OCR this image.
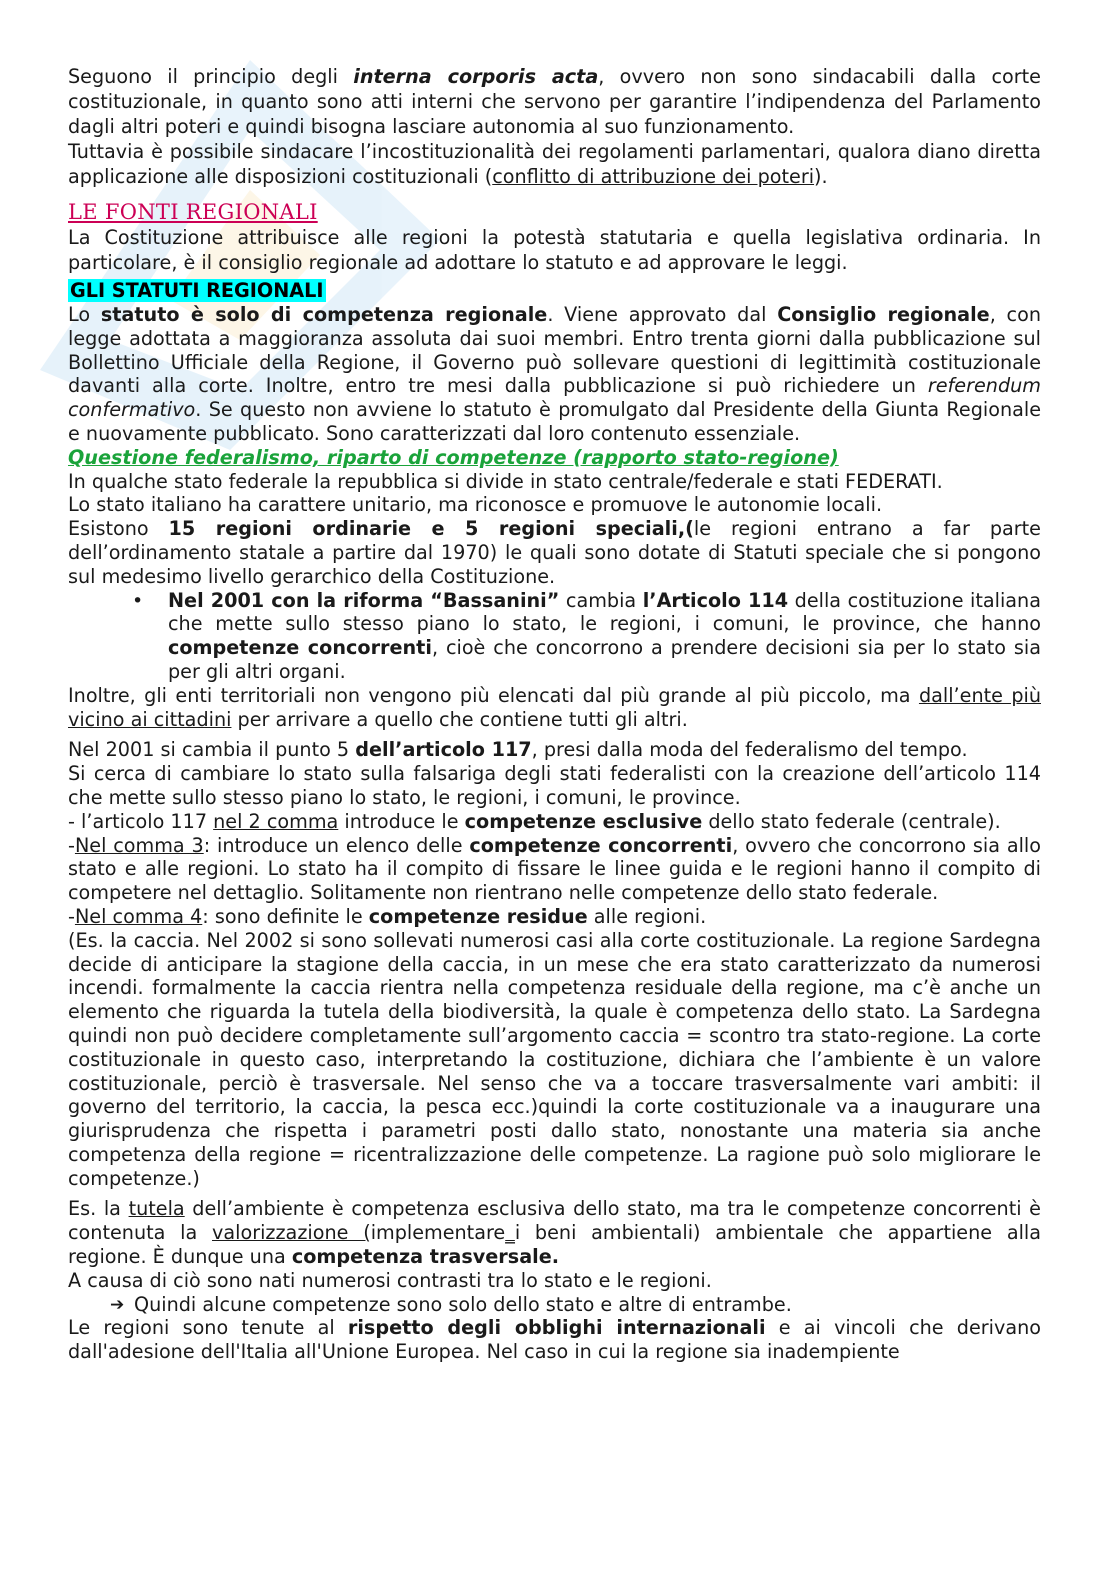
Seguono il principio degli interna corporis acta, ovvero non sono sindacabili dalla corte costituzionale, in quanto sono atti interni che servono per garantire l’indipendenza del Parlamento dagli altri poteri e quindi bisogna lasciare autonomia al suo funzionamento.

Tuttavia è possibile sindacare l’incostituzionalità dei regolamenti parlamentari, qualora diano diretta applicazione alle disposizioni costituzionali (conflitto di attribuzione dei poteri).

LE FONTI REGIONALI

La Costituzione attribuisce alle regioni la potestà statutaria e quella legislativa ordinaria. In particolare, è il consiglio regionale ad adottare lo statuto e ad approvare le leggi.

GLI STATUTI REGIONALI

Lo statuto è solo di competenza regionale. Viene approvato dal Consiglio regionale, con legge adottata a maggioranza assoluta dai suoi membri. Entro trenta giorni dalla pubblicazione sul Bollettino Ufficiale della Regione, il Governo può sollevare questioni di legittimità costituzionale davanti alla corte. Inoltre, entro tre mesi dalla pubblicazione si può richiedere un referendum confermativo. Se questo non avviene lo statuto è promulgato dal Presidente della Giunta Regionale e nuovamente pubblicato. Sono caratterizzati dal loro contenuto essenziale.

Questione federalismo, riparto di competenze (rapporto stato-regione)

In qualche stato federale la repubblica si divide in stato centrale/federale e stati FEDERATI.

Lo stato italiano ha carattere unitario, ma riconosce e promuove le autonomie locali.

Esistono 15 regioni ordinarie e 5 regioni speciali,(le regioni entrano a far parte dell’ordinamento statale a partire dal 1970) le quali sono dotate di Statuti speciale che si pongono sul medesimo livello gerarchico della Costituzione.

• Nel 2001 con la riforma “Bassanini” cambia l’Articolo 114 della costituzione italiana che mette sullo stesso piano lo stato, le regioni, i comuni, le province, che hanno competenze concorrenti, cioè che concorrono a prendere decisioni sia per lo stato sia per gli altri organi.

Inoltre, gli enti territoriali non vengono più elencati dal più grande al più piccolo, ma dall’ente più vicino ai cittadini per arrivare a quello che contiene tutti gli altri.

Nel 2001 si cambia il punto 5 dell’articolo 117, presi dalla moda del federalismo del tempo.

Si cerca di cambiare lo stato sulla falsariga degli stati federalisti con la creazione dell’articolo 114 che mette sullo stesso piano lo stato, le regioni, i comuni, le province.

- l’articolo 117 nel 2 comma introduce le competenze esclusive dello stato federale (centrale).

-Nel comma 3: introduce un elenco delle competenze concorrenti, ovvero che concorrono sia allo stato e alle regioni. Lo stato ha il compito di fissare le linee guida e le regioni hanno il compito di competere nel dettaglio. Solitamente non rientrano nelle competenze dello stato federale.

-Nel comma 4: sono definite le competenze residue alle regioni.

(Es. la caccia. Nel 2002 si sono sollevati numerosi casi alla corte costituzionale. La regione Sardegna decide di anticipare la stagione della caccia, in un mese che era stato caratterizzato da numerosi incendi. formalmente la caccia rientra nella competenza residuale della regione, ma c’è anche un elemento che riguarda la tutela della biodiversità, la quale è competenza dello stato. La Sardegna quindi non può decidere completamente sull’argomento caccia = scontro tra stato-regione. La corte costituzionale in questo caso, interpretando la costituzione, dichiara che l’ambiente è un valore costituzionale, perciò è trasversale. Nel senso che va a toccare trasversalmente vari ambiti: il governo del territorio, la caccia, la pesca ecc.)quindi la corte costituzionale va a inaugurare una giurisprudenza che rispetta i parametri posti dallo stato, nonostante una materia sia anche competenza della regione = ricentralizzazione delle competenze. La ragione può solo migliorare le competenze.)

Es. la tutela dell’ambiente è competenza esclusiva dello stato, ma tra le competenze concorrenti è contenuta la valorizzazione (implementare_i beni ambientali) ambientale che appartiene alla regione. È dunque una competenza trasversale.

A causa di ciò sono nati numerosi contrasti tra lo stato e le regioni.

➔ Quindi alcune competenze sono solo dello stato e altre di entrambe.

Le regioni sono tenute al rispetto degli obblighi internazionali e ai vincoli che derivano dall'adesione dell'Italia all'Unione Europea. Nel caso in cui la regione sia inadempiente
